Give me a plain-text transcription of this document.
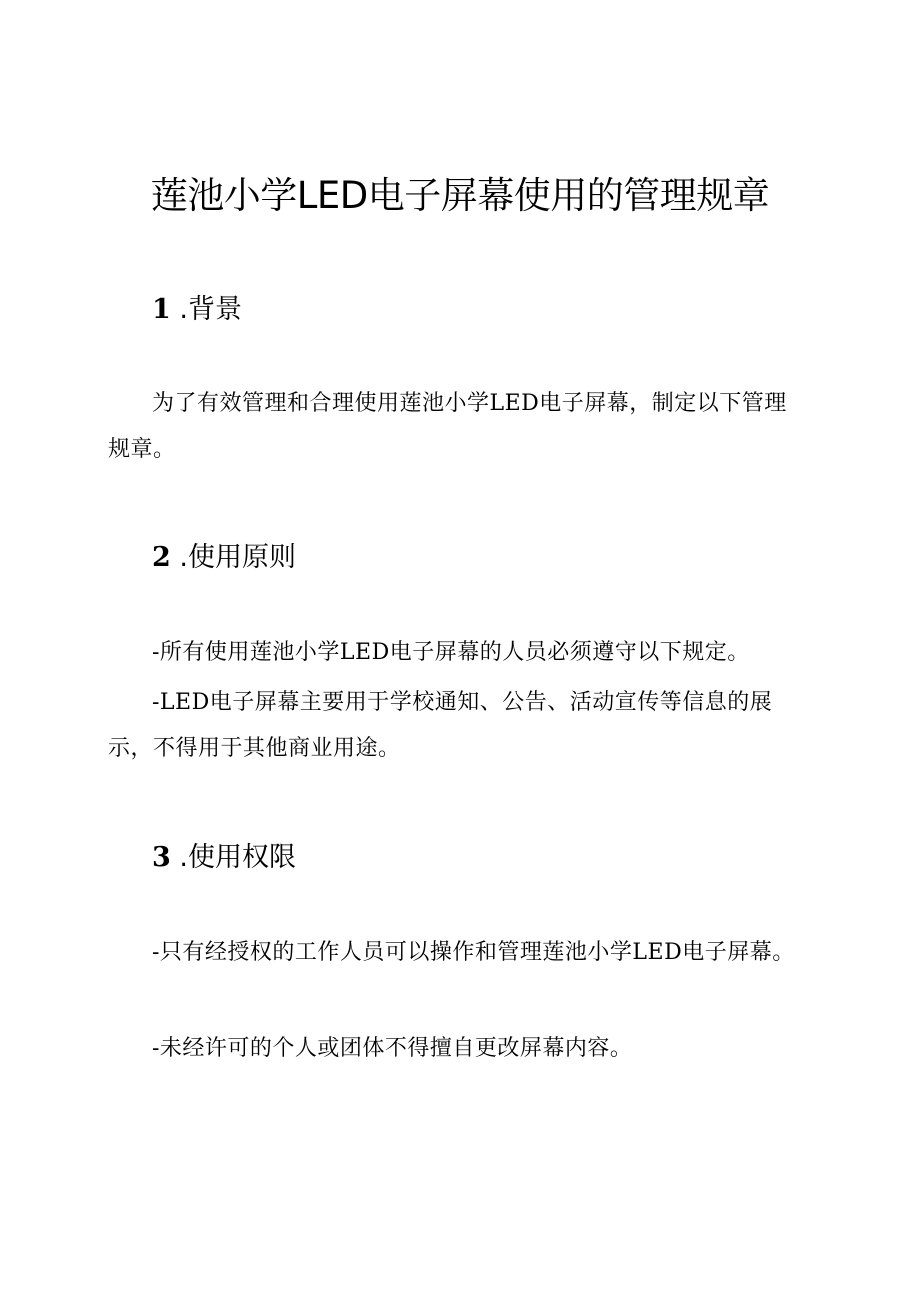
莲池小学LED电子屏幕使用的管理规章
1 .背景

为了有效管理和合理使用莲池小学LED电子屏幕，制定以下管理规章。

2 .使用原则

-所有使用莲池小学LED电子屏幕的人员必须遵守以下规定。

-LED电子屏幕主要用于学校通知、公告、活动宣传等信息的展示，不得用于其他商业用途。

3 .使用权限

-只有经授权的工作人员可以操作和管理莲池小学LED电子屏幕。

-未经许可的个人或团体不得擅自更改屏幕内容。
